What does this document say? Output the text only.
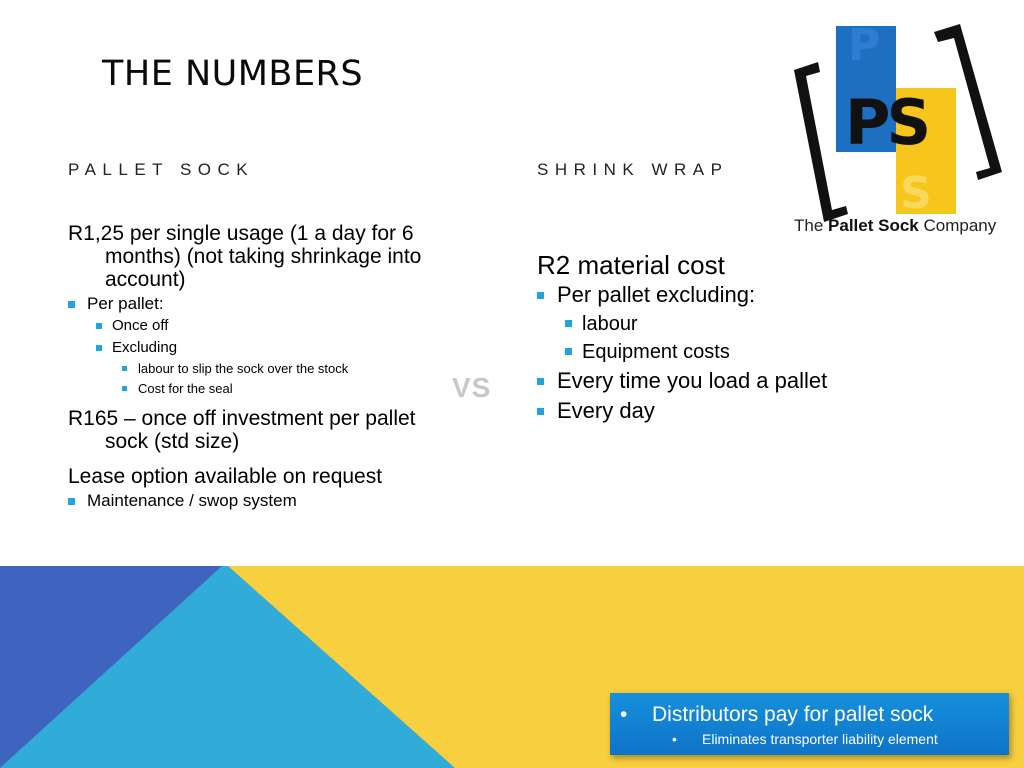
THE NUMBERS
PALLET SOCK	SHRINK WRAP

R1,25 per single usage (1 a day for 6 months) (not taking shrinkage into account)

Per pallet:
Once off
Excluding
labour to slip the sock over the stock
Cost for the seal

R165 – once off investment per pallet sock (std size)

Lease option available on request

Maintenance / swop system
VS

R2 material cost

Per pallet excluding:
labour
Equipment costs
Every time you load a pallet
Every day
P
S
PS
The Pallet Sock Company
• Distributors pay for pallet sock
• Eliminates transporter liability element
